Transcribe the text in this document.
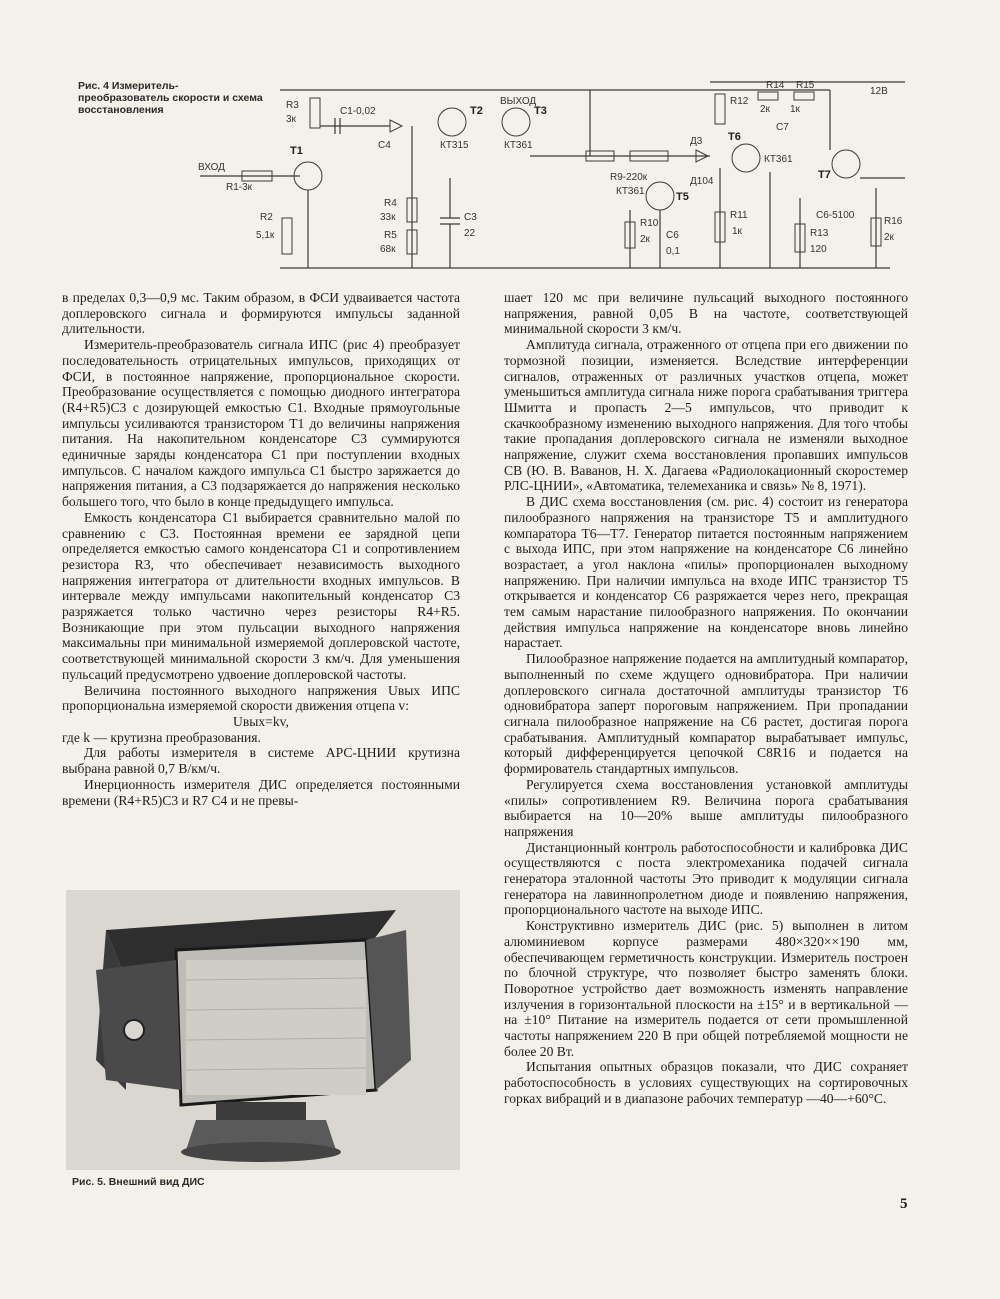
Рис. 4 Измеритель-преобразователь скорости и схема восстановления
ВХОД
R1-3к
Т1
R2
5,1к
R3
3к
C1-0,02
C4
R4
33к
R5
68к
C3
22
Т2	Т3
КТ315	КТ361
ВЫХОД
R9-220к
КТ361	Т5
R10
2к C6
0,1
Д3
Д104
Т6
КТ361
R11
1к
R12
2к 1к
R14 R15
C7
12В
Т7
C6-5100
R13
120
R16
2к

в пределах 0,3—0,9 мс. Таким образом, в ФСИ удваивается частота доплеровского сигнала и формируются импульсы заданной длительности.

Измеритель-преобразователь сигнала ИПС (рис 4) преобразует последовательность отрицательных импульсов, приходящих от ФСИ, в постоянное напряжение, пропорциональное скорости. Преобразование осуществляется с помощью диодного интегратора (R4+R5)C3 с дозирующей емкостью C1. Входные прямоугольные импульсы усиливаются транзистором Т1 до величины напряжения питания. На накопительном конденсаторе C3 суммируются единичные заряды конденсатора C1 при поступлении входных импульсов. С началом каждого импульса C1 быстро заряжается до напряжения питания, а C3 подзаряжается до напряжения несколько большего того, что было в конце предыдущего импульса.

Емкость конденсатора C1 выбирается сравнительно малой по сравнению с C3. Постоянная времени ее зарядной цепи определяется емкостью самого конденсатора C1 и сопротивлением резистора R3, что обеспечивает независимость выходного напряжения интегратора от длительности входных импульсов. В интервале между импульсами накопительный конденсатор C3 разряжается только частично через резисторы R4+R5. Возникающие при этом пульсации выходного напряжения максимальны при минимальной измеряемой доплеровской частоте, соответствующей минимальной скорости 3 км/ч. Для уменьшения пульсаций предусмотрено удвоение доплеровской частоты.

Величина постоянного выходного напряжения Uвых ИПС пропорциональна измеряемой скорости движения отцепа v:

Uвых=kv,

где k — крутизна преобразования.

Для работы измерителя в системе АРС-ЦНИИ крутизна выбрана равной 0,7 В/км/ч.

Инерционность измерителя ДИС определяется постоянными времени (R4+R5)C3 и R7 C4 и не превы-

Рис. 5. Внешний вид ДИС

шает 120 мс при величине пульсаций выходного постоянного напряжения, равной 0,05 В на частоте, соответствующей минимальной скорости 3 км/ч.

Амплитуда сигнала, отраженного от отцепа при его движении по тормозной позиции, изменяется. Вследствие интерференции сигналов, отраженных от различных участков отцепа, может уменьшиться амплитуда сигнала ниже порога срабатывания триггера Шмитта и пропасть 2—5 импульсов, что приводит к скачкообразному изменению выходного напряжения. Для того чтобы такие пропадания доплеровского сигнала не изменяли выходное напряжение, служит схема восстановления пропавших импульсов СВ (Ю. В. Ваванов, Н. Х. Дагаева «Радиолокационный скоростемер РЛС-ЦНИИ», «Автоматика, телемеханика и связь» № 8, 1971).

В ДИС схема восстановления (см. рис. 4) состоит из генератора пилообразного напряжения на транзисторе Т5 и амплитудного компаратора Т6—Т7. Генератор питается постоянным напряжением с выхода ИПС, при этом напряжение на конденсаторе C6 линейно возрастает, а угол наклона «пилы» пропорционален выходному напряжению. При наличии импульса на входе ИПС транзистор Т5 открывается и конденсатор C6 разряжается через него, прекращая тем самым нарастание пилообразного напряжения. По окончании действия импульса напряжение на конденсаторе вновь линейно нарастает.

Пилообразное напряжение подается на амплитудный компаратор, выполненный по схеме ждущего одновибратора. При наличии доплеровского сигнала достаточной амплитуды транзистор Т6 одновибратора заперт пороговым напряжением. При пропадании сигнала пилообразное напряжение на C6 растет, достигая порога срабатывания. Амплитудный компаратор вырабатывает импульс, который дифференцируется цепочкой C8R16 и подается на формирователь стандартных импульсов.

Регулируется схема восстановления установкой амплитуды «пилы» сопротивлением R9. Величина порога срабатывания выбирается на 10—20% выше амплитуды пилообразного напряжения

Дистанционный контроль работоспособности и калибровка ДИС осуществляются с поста электромеханика подачей сигнала генератора эталонной частоты Это приводит к модуляции сигнала генератора на лавиннопролетном диоде и появлению напряжения, пропорционального частоте на выходе ИПС.

Конструктивно измеритель ДИС (рис. 5) выполнен в литом алюминиевом корпусе размерами 480×320××190 мм, обеспечивающем герметичность конструкции. Измеритель построен по блочной структуре, что позволяет быстро заменять блоки. Поворотное устройство дает возможность изменять направление излучения в горизонтальной плоскости на ±15° и в вертикальной — на ±10° Питание на измеритель подается от сети промышленной частоты напряжением 220 В при общей потребляемой мощности не более 20 Вт.

Испытания опытных образцов показали, что ДИС сохраняет работоспособность в условиях существующих на сортировочных горках вибраций и в диапазоне рабочих температур —40—+60°С.

5
